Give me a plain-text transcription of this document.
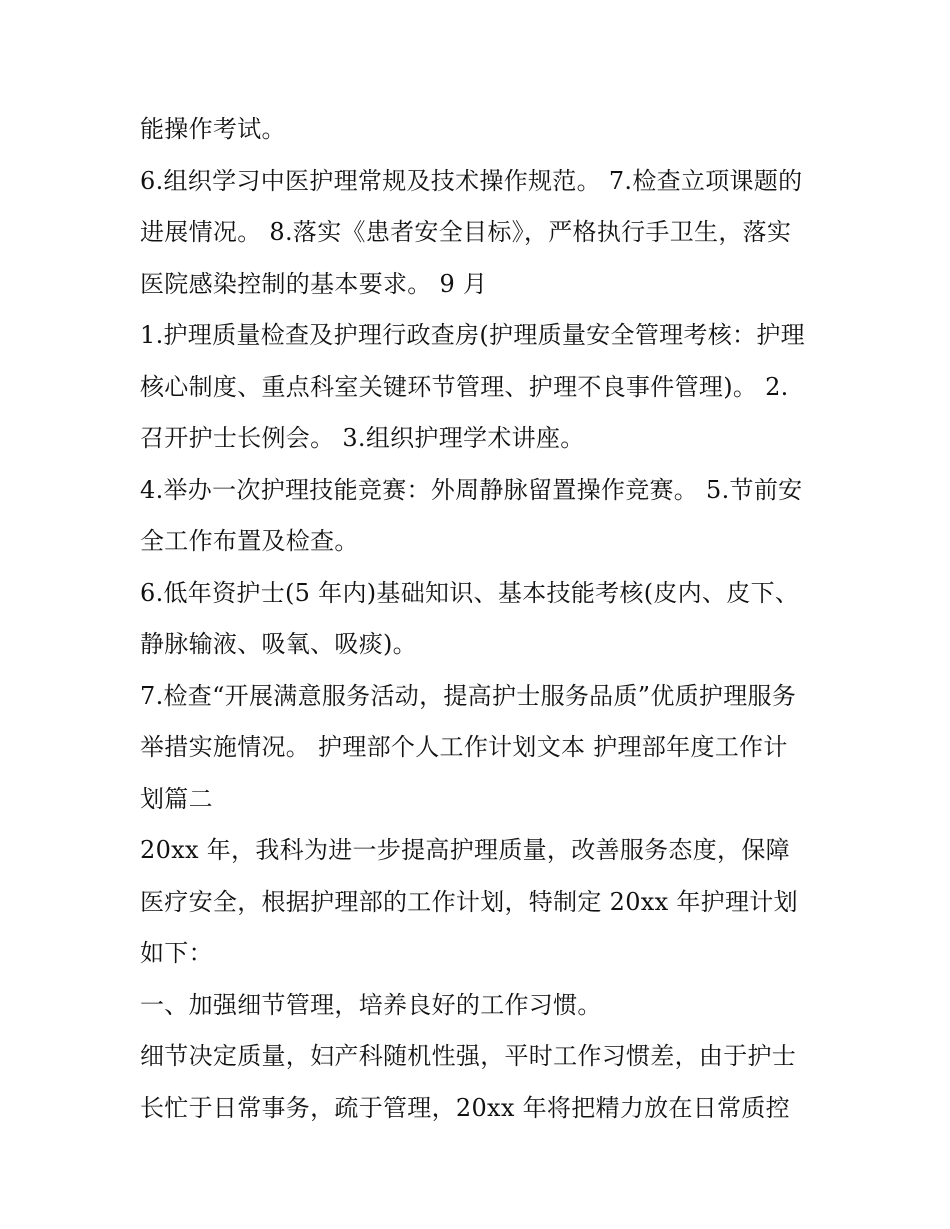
能操作考试。
6.组织学习中医护理常规及技术操作规范。 7.检查立项课题的
进展情况。 8.落实《患者安全目标》，严格执行手卫生，落实
医院感染控制的基本要求。 9 月
1.护理质量检查及护理行政查房(护理质量安全管理考核：护理
核心制度、重点科室关键环节管理、护理不良事件管理)。 2.
召开护士长例会。 3.组织护理学术讲座。
4.举办一次护理技能竞赛：外周静脉留置操作竞赛。 5.节前安
全工作布置及检查。
6.低年资护士(5 年内)基础知识、基本技能考核(皮内、皮下、
静脉输液、吸氧、吸痰)。
7.检查“开展满意服务活动，提高护士服务品质”优质护理服务
举措实施情况。 护理部个人工作计划文本 护理部年度工作计
划篇二
20xx 年，我科为进一步提高护理质量，改善服务态度，保障
医疗安全，根据护理部的工作计划，特制定 20xx 年护理计划
如下：
一、加强细节管理，培养良好的工作习惯。
细节决定质量，妇产科随机性强，平时工作习惯差，由于护士
长忙于日常事务，疏于管理，20xx 年将把精力放在日常质控
